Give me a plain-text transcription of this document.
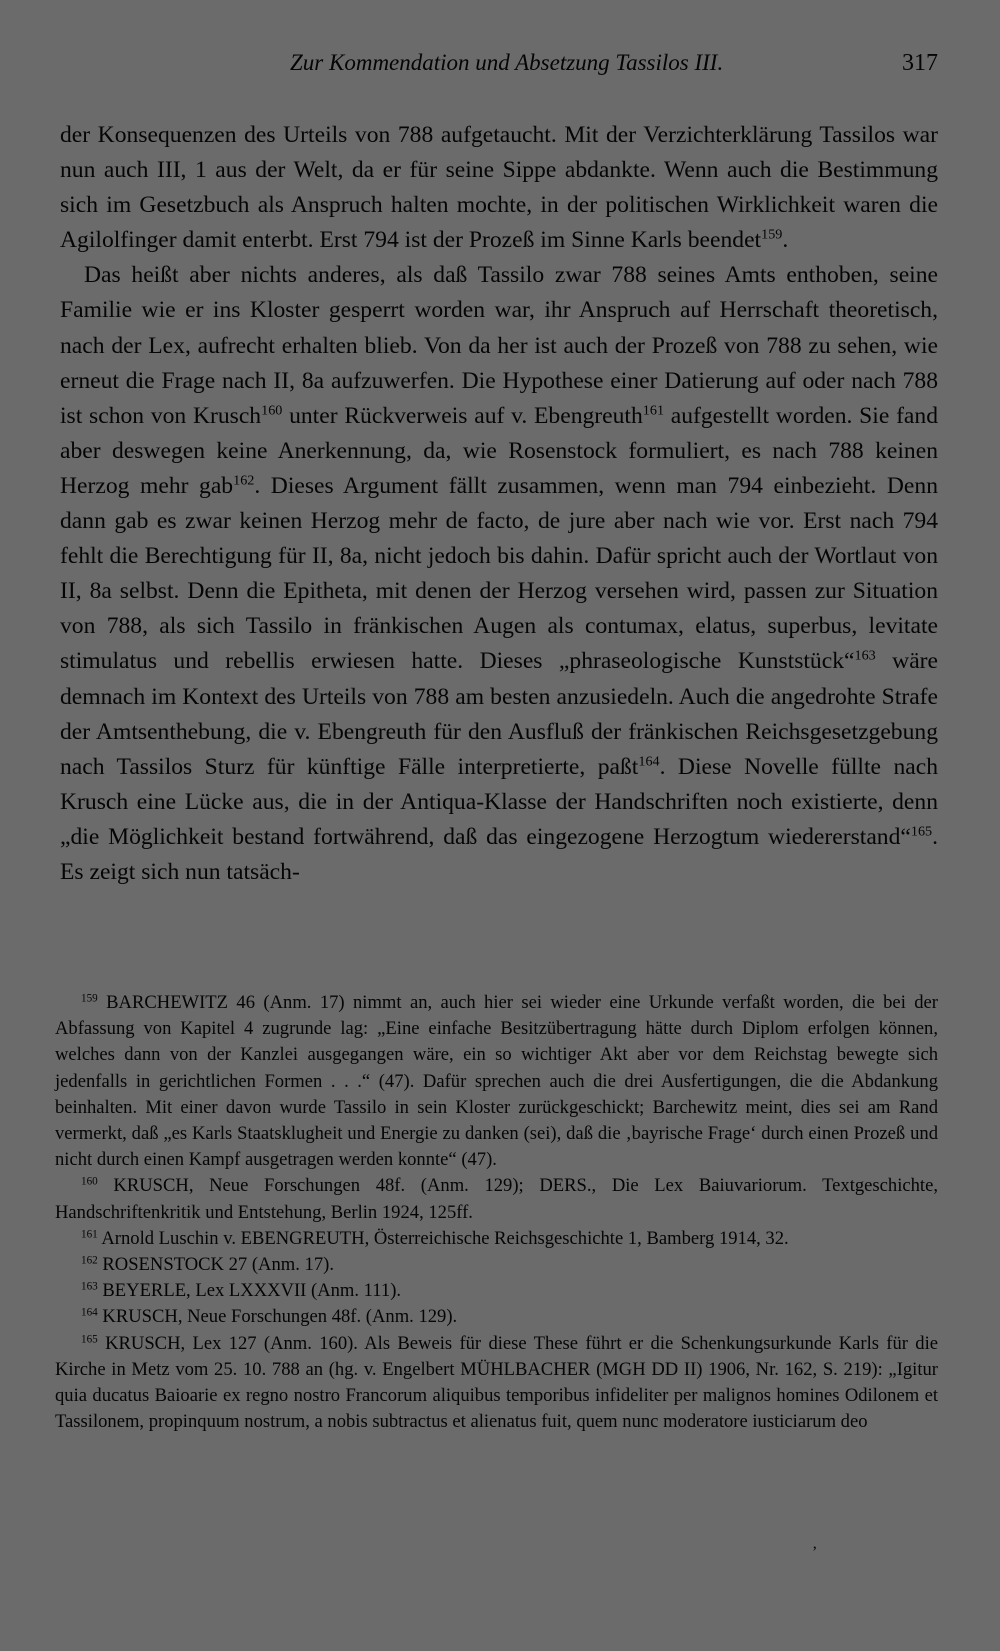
Zur Kommendation und Absetzung Tassilos III.	317

der Konsequenzen des Urteils von 788 aufgetaucht. Mit der Verzichterklärung Tassilos war nun auch III, 1 aus der Welt, da er für seine Sippe abdankte. Wenn auch die Bestimmung sich im Gesetzbuch als Anspruch halten mochte, in der politischen Wirklichkeit waren die Agilolfinger damit enterbt. Erst 794 ist der Prozeß im Sinne Karls beendet$^{159}$.

Das heißt aber nichts anderes, als daß Tassilo zwar 788 seines Amts enthoben, seine Familie wie er ins Kloster gesperrt worden war, ihr Anspruch auf Herrschaft theoretisch, nach der Lex, aufrecht erhalten blieb. Von da her ist auch der Prozeß von 788 zu sehen, wie erneut die Frage nach II, 8a aufzuwerfen. Die Hypothese einer Datierung auf oder nach 788 ist schon von Krusch$^{160}$ unter Rückverweis auf v. Ebengreuth$^{161}$ aufgestellt worden. Sie fand aber deswegen keine Anerkennung, da, wie Rosenstock formuliert, es nach 788 keinen Herzog mehr gab$^{162}$. Dieses Argument fällt zusammen, wenn man 794 einbezieht. Denn dann gab es zwar keinen Herzog mehr de facto, de jure aber nach wie vor. Erst nach 794 fehlt die Berechtigung für II, 8a, nicht jedoch bis dahin. Dafür spricht auch der Wortlaut von II, 8a selbst. Denn die Epitheta, mit denen der Herzog versehen wird, passen zur Situation von 788, als sich Tassilo in fränkischen Augen als contumax, elatus, superbus, levitate stimulatus und rebellis erwiesen hatte. Dieses „phraseologische Kunststück“$^{163}$ wäre demnach im Kontext des Urteils von 788 am besten anzusiedeln. Auch die angedrohte Strafe der Amtsenthebung, die v. Ebengreuth für den Ausfluß der fränkischen Reichsgesetzgebung nach Tassilos Sturz für künftige Fälle interpretierte, paßt$^{164}$. Diese Novelle füllte nach Krusch eine Lücke aus, die in der Antiqua-Klasse der Handschriften noch existierte, denn „die Möglichkeit bestand fortwährend, daß das eingezogene Herzogtum wiedererstand“$^{165}$. Es zeigt sich nun tatsäch-

$^{159}$ BARCHEWITZ 46 (Anm. 17) nimmt an, auch hier sei wieder eine Urkunde verfaßt worden, die bei der Abfassung von Kapitel 4 zugrunde lag: „Eine einfache Besitzübertragung hätte durch Diplom erfolgen können, welches dann von der Kanzlei ausgegangen wäre, ein so wichtiger Akt aber vor dem Reichstag bewegte sich jedenfalls in gerichtlichen Formen . . .“ (47). Dafür sprechen auch die drei Ausfertigungen, die die Abdankung beinhalten. Mit einer davon wurde Tassilo in sein Kloster zurückgeschickt; Barchewitz meint, dies sei am Rand vermerkt, daß „es Karls Staatsklugheit und Energie zu danken (sei), daß die ‚bayrische Frage‘ durch einen Prozeß und nicht durch einen Kampf ausgetragen werden konnte“ (47).

$^{160}$ KRUSCH, Neue Forschungen 48f. (Anm. 129); DERS., Die Lex Baiuvariorum. Textgeschichte, Handschriftenkritik und Entstehung, Berlin 1924, 125ff.

$^{161}$ Arnold Luschin v. EBENGREUTH, Österreichische Reichsgeschichte 1, Bamberg 1914, 32.

$^{162}$ ROSENSTOCK 27 (Anm. 17).

$^{163}$ BEYERLE, Lex LXXXVII (Anm. 111).

$^{164}$ KRUSCH, Neue Forschungen 48f. (Anm. 129).

$^{165}$ KRUSCH, Lex 127 (Anm. 160). Als Beweis für diese These führt er die Schenkungsurkunde Karls für die Kirche in Metz vom 25. 10. 788 an (hg. v. Engelbert MÜHLBACHER (MGH DD II) 1906, Nr. 162, S. 219): „Igitur quia ducatus Baioarie ex regno nostro Francorum aliquibus temporibus infideliter per malignos homines Odilonem et Tassilonem, propinquum nostrum, a nobis subtractus et alienatus fuit, quem nunc moderatore iusticiarum deo

ʼ
